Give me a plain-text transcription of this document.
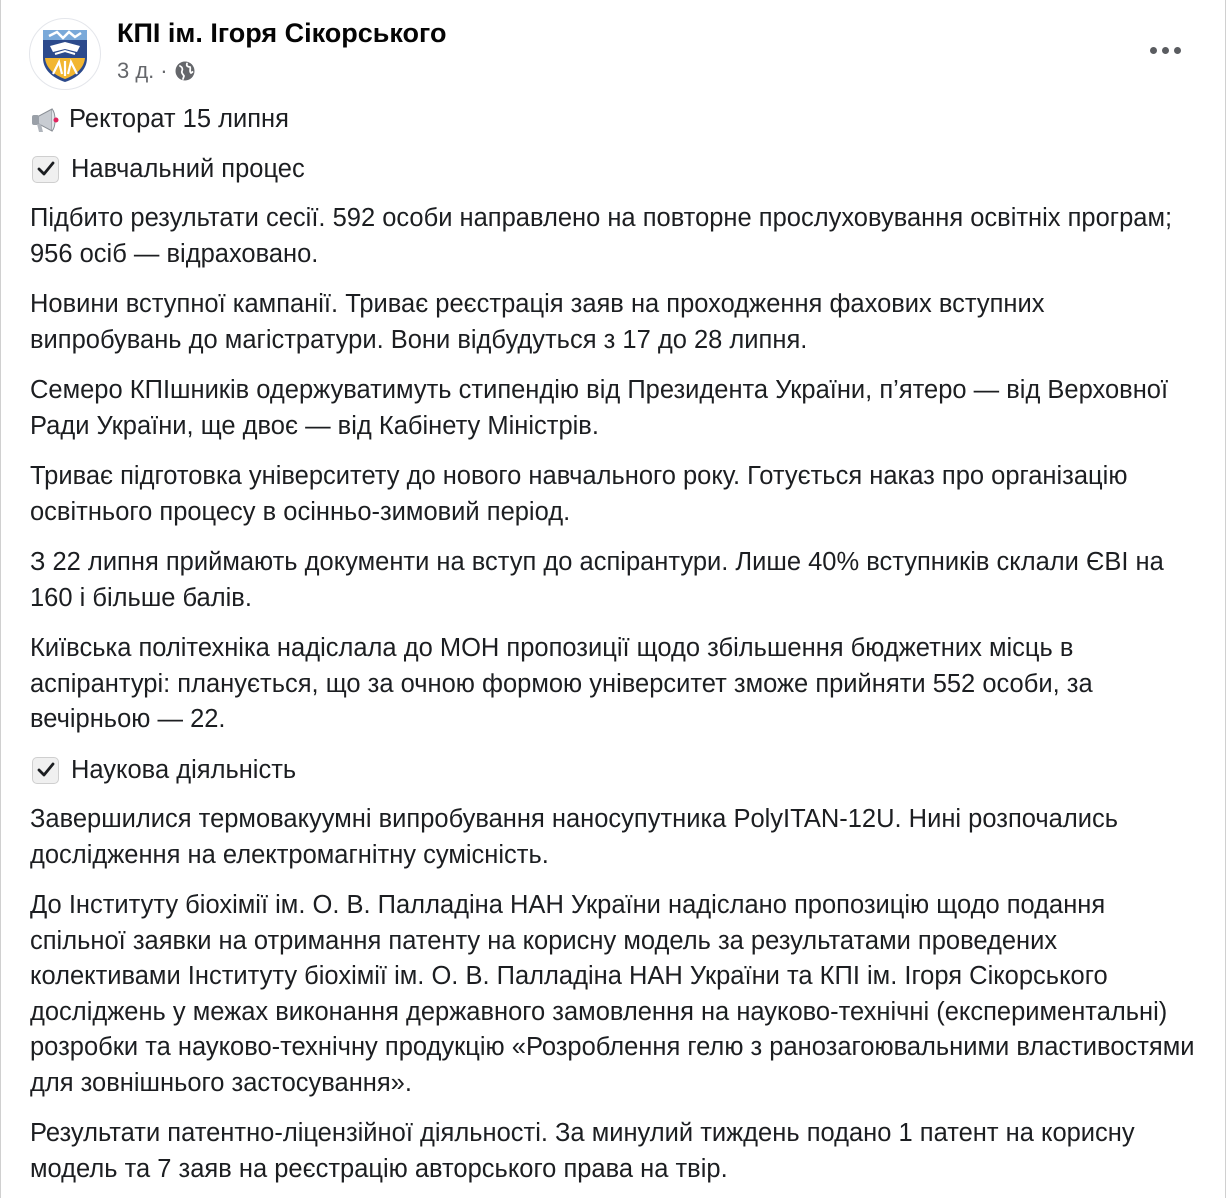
КПІ ім. Ігоря Сікорського
3 д. ·

Ректорат 15 липня

Навчальний процес

Підбито результати сесії. 592 особи направлено на повторне прослуховування освітніх програм; 956 осіб — відраховано.

Новини вступної кампанії. Триває реєстрація заяв на проходження фахових вступних випробувань до магістратури. Вони відбудуться з 17 до 28 липня.

Семеро КПІшників одержуватимуть стипендію від Президента України, п’ятеро — від Верховної Ради України, ще двоє — від Кабінету Міністрів.

Триває підготовка університету до нового навчального року. Готується наказ про організацію освітнього процесу в осінньо-зимовий період.

З 22 липня приймають документи на вступ до аспірантури. Лише 40% вступників склали ЄВІ на 160 і більше балів.

Київська політехніка надіслала до МОН пропозиції щодо збільшення бюджетних місць в аспірантурі: планується, що за очною формою університет зможе прийняти 552 особи, за вечірньою — 22.

Наукова діяльність

Завершилися термовакуумні випробування наносупутника PolyITAN-12U. Нині розпочались дослідження на електромагнітну сумісність.

До Інституту біохімії ім. О. В. Палладіна НАН України надіслано пропозицію щодо подання спільної заявки на отримання патенту на корисну модель за результатами проведених колективами Інституту біохімії ім. О. В. Палладіна НАН України та КПІ ім. Ігоря Сікорського досліджень у межах виконання державного замовлення на науково-технічні (експериментальні) розробки та науково-технічну продукцію «Розроблення гелю з ранозагоювальними властивостями для зовнішнього застосування».

Результати патентно-ліцензійної діяльності. За минулий тиждень подано 1 патент на корисну модель та 7 заяв на реєстрацію авторського права на твір.
